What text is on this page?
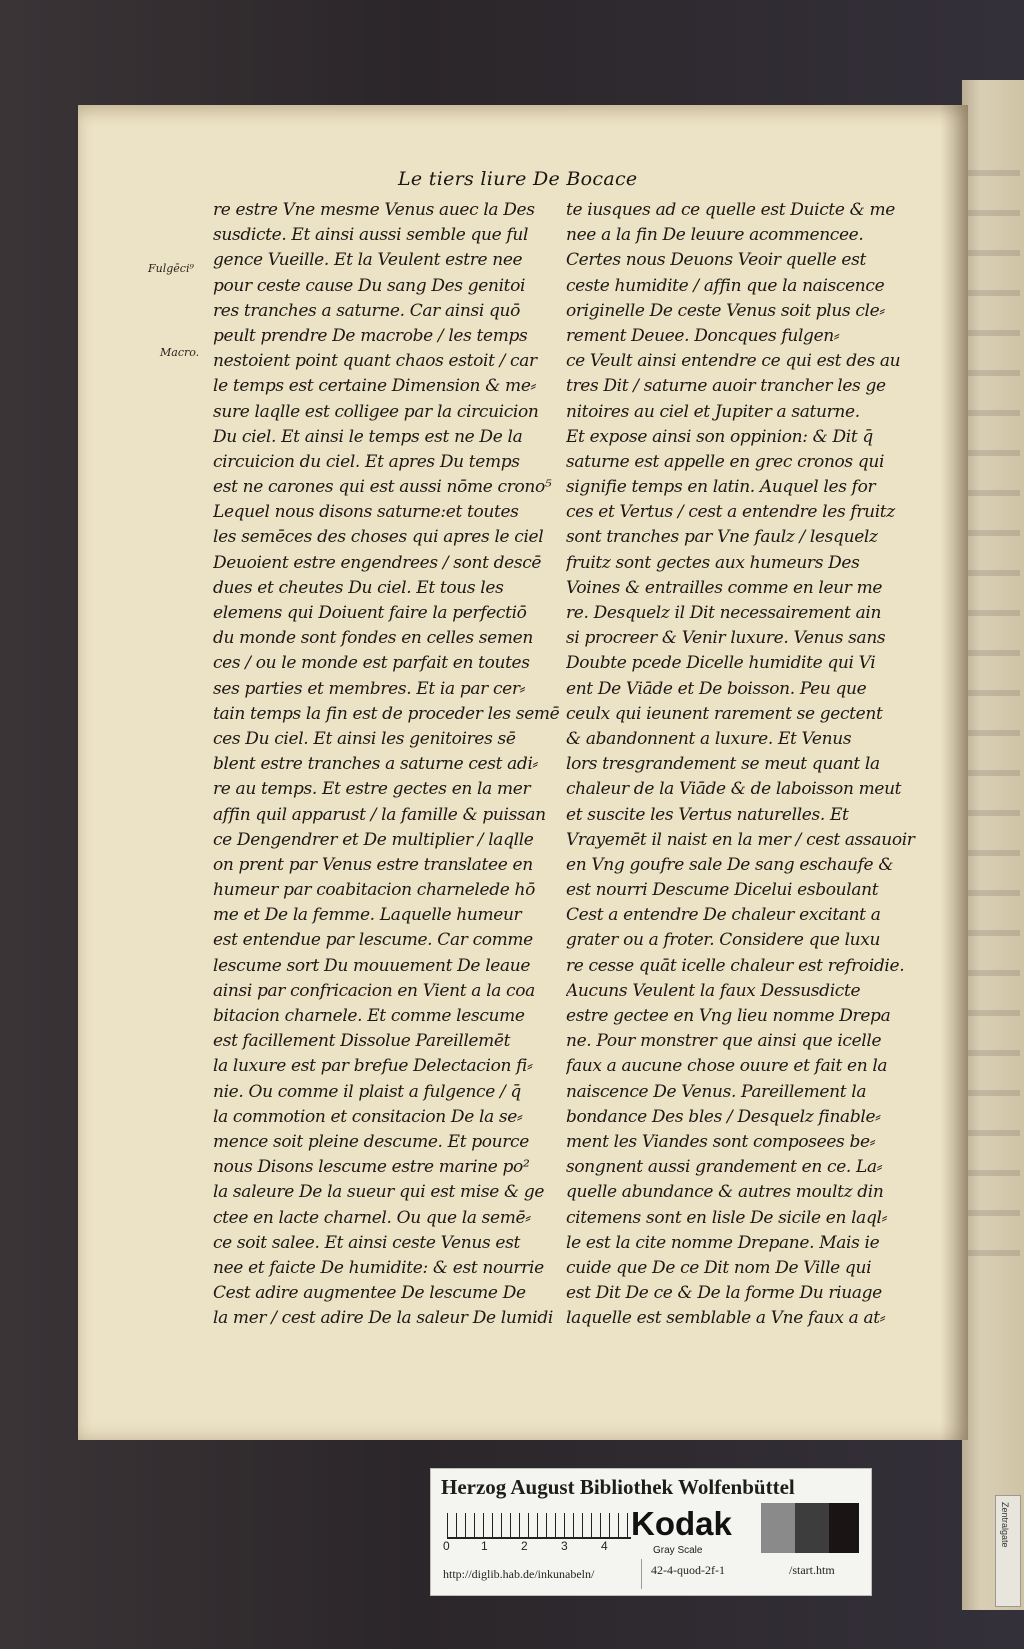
Le tiers liure De Bocace
Fulgēci⁹
Macro.
re estre Vne mesme Venus auec la Des
susdicte. Et ainsi aussi semble que ful
gence Vueille. Et la Veulent estre nee
pour ceste cause Du sang Des genitoi
res tranches a saturne. Car ainsi quō
peult prendre De macrobe / les temps
nestoient point quant chaos estoit / car
le temps est certaine Dimension & me⸗
sure laqlle est colligee par la circuicion
Du ciel. Et ainsi le temps est ne De la
circuicion du ciel. Et apres Du temps
est ne carones qui est aussi nōme crono⁵
Lequel nous disons saturne:et toutes
les semēces des choses qui apres le ciel
Deuoient estre engendrees / sont descē
dues et cheutes Du ciel. Et tous les
elemens qui Doiuent faire la perfectiō
du monde sont fondes en celles semen
ces / ou le monde est parfait en toutes
ses parties et membres. Et ia par cer⸗
tain temps la fin est de proceder les semē
ces Du ciel. Et ainsi les genitoires sē
blent estre tranches a saturne cest adi⸗
re au temps. Et estre gectes en la mer
affin quil apparust / la famille & puissan
ce Dengendrer et De multiplier / laqlle
on prent par Venus estre translatee en
humeur par coabitacion charnelede hō
me et De la femme. Laquelle humeur
est entendue par lescume. Car comme
lescume sort Du mouuement De leaue
ainsi par confricacion en Vient a la coa
bitacion charnele. Et comme lescume
est facillement Dissolue Pareillemēt
la luxure est par brefue Delectacion fi⸗
nie. Ou comme il plaist a fulgence / q̄
la commotion et consitacion De la se⸗
mence soit pleine descume. Et pource
nous Disons lescume estre marine po²
la saleure De la sueur qui est mise & ge
ctee en lacte charnel. Ou que la semē⸗
ce soit salee. Et ainsi ceste Venus est
nee et faicte De humidite: & est nourrie
Cest adire augmentee De lescume De
la mer / cest adire De la saleur De lumidi
te iusques ad ce quelle est Duicte & me
nee a la fin De leuure acommencee.
Certes nous Deuons Veoir quelle est
ceste humidite / affin que la naiscence
originelle De ceste Venus soit plus cle⸗
rement Deuee. Doncques fulgen⸗
ce Veult ainsi entendre ce qui est des au
tres Dit / saturne auoir trancher les ge
nitoires au ciel et Jupiter a saturne.
Et expose ainsi son oppinion: & Dit q̄
saturne est appelle en grec cronos qui
signifie temps en latin. Auquel les for
ces et Vertus / cest a entendre les fruitz
sont tranches par Vne faulz / lesquelz
fruitz sont gectes aux humeurs Des
Voines & entrailles comme en leur me
re. Desquelz il Dit necessairement ain
si procreer & Venir luxure. Venus sans
Doubte pcede Dicelle humidite qui Vi
ent De Viāde et De boisson. Peu que
ceulx qui ieunent rarement se gectent
& abandonnent a luxure. Et Venus
lors tresgrandement se meut quant la
chaleur de la Viāde & de laboisson meut
et suscite les Vertus naturelles. Et
Vrayemēt il naist en la mer / cest assauoir
en Vng goufre sale De sang eschaufe &
est nourri Descume Dicelui esboulant
Cest a entendre De chaleur excitant a
grater ou a froter. Considere que luxu
re cesse quāt icelle chaleur est refroidie.
Aucuns Veulent la faux Dessusdicte
estre gectee en Vng lieu nomme Drepa
ne. Pour monstrer que ainsi que icelle
faux a aucune chose ouure et fait en la
naiscence De Venus. Pareillement la
bondance Des bles / Desquelz finable⸗
ment les Viandes sont composees be⸗
songnent aussi grandement en ce. La⸗
quelle abundance & autres moultz din
citemens sont en lisle De sicile en laql⸗
le est la cite nomme Drepane. Mais ie
cuide que De ce Dit nom De Ville qui
est Dit De ce & De la forme Du riuage
laquelle est semblable a Vne faux a at⸗
Herzog August Bibliothek Wolfenbüttel
0	1	2	3	4
Kodak
Gray Scale
http://diglib.hab.de/inkunabeln/	42-4-quod-2f-1	/start.htm
Zentralgate
